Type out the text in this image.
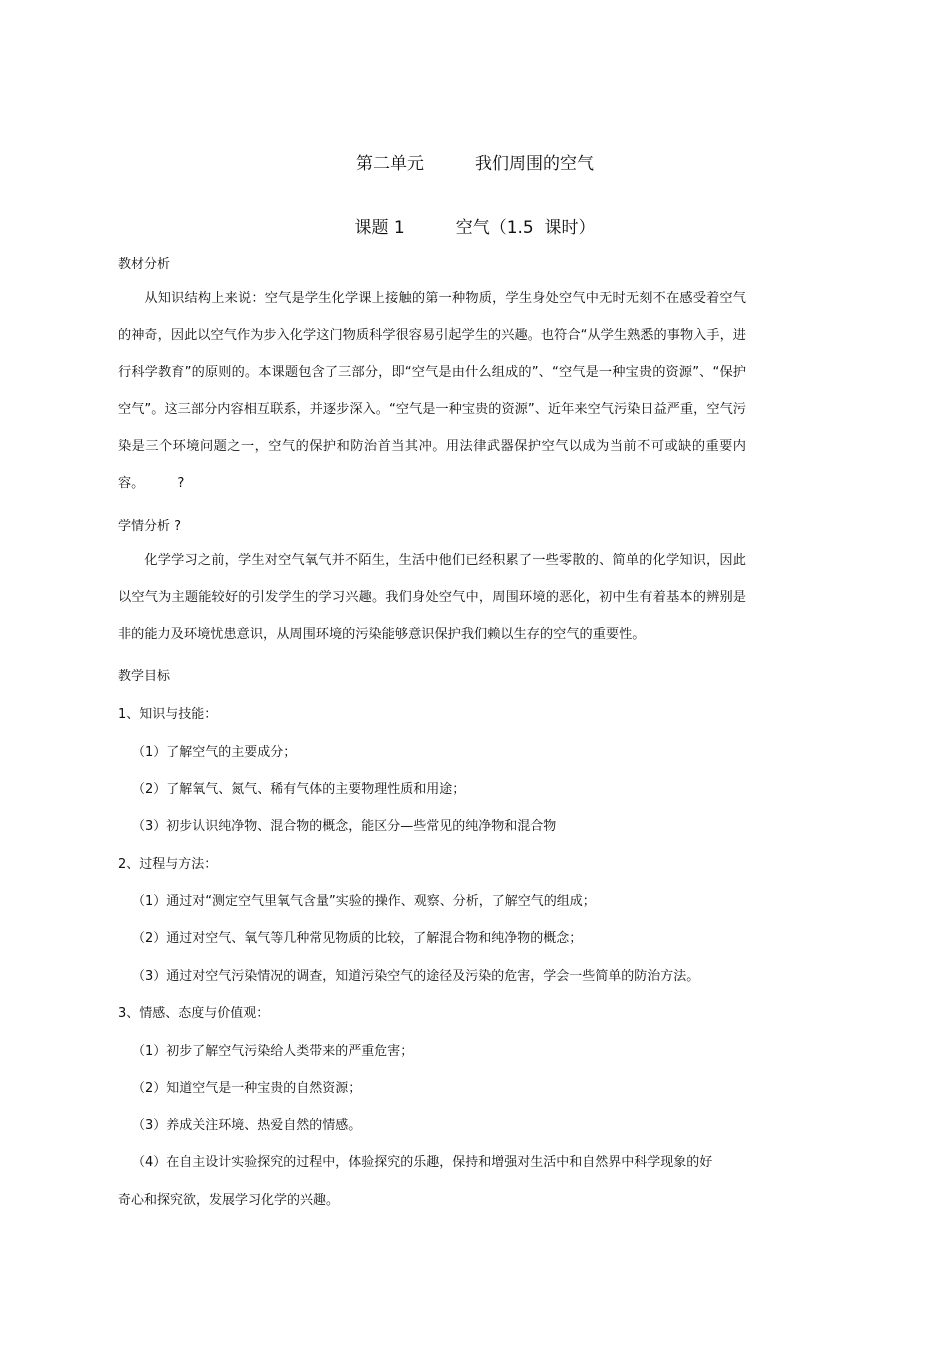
第二单元　　　我们周围的空气
课题 1　　　空气（1.5  课时）
教材分析

从知识结构上来说：空气是学生化学课上接触的第一种物质，学生身处空气中无时无刻不在感受着空气的神奇，因此以空气作为步入化学这门物质科学很容易引起学生的兴趣。也符合“从学生熟悉的事物入手，进行科学教育”的原则的。本课题包含了三部分，即“空气是由什么组成的”、“空气是一种宝贵的资源”、“保护空气”。这三部分内容相互联系，并逐步深入。“空气是一种宝贵的资源”、近年来空气污染日益严重，空气污染是三个环境问题之一，空气的保护和防治首当其冲。用法律武器保护空气以成为当前不可或缺的重要内容。　　　?

学情分析 ?

化学学习之前，学生对空气氧气并不陌生，生活中他们已经积累了一些零散的、简单的化学知识，因此以空气为主题能较好的引发学生的学习兴趣。我们身处空气中，周围环境的恶化，初中生有着基本的辨别是非的能力及环境忧患意识，从周围环境的污染能够意识保护我们赖以生存的空气的重要性。

教学目标
1、知识与技能：
（1）了解空气的主要成分；
（2）了解氧气、氮气、稀有气体的主要物理性质和用途；
（3）初步认识纯净物、混合物的概念，能区分—些常见的纯净物和混合物
2、过程与方法：
（1）通过对“测定空气里氧气含量”实验的操作、观察、分析，了解空气的组成；
（2）通过对空气、氧气等几种常见物质的比较，了解混合物和纯净物的概念；
（3）通过对空气污染情况的调查，知道污染空气的途径及污染的危害，学会一些简单的防治方法。
3、情感、态度与价值观：
（1）初步了解空气污染给人类带来的严重危害；
（2）知道空气是一种宝贵的自然资源；
（3）养成关注环境、热爱自然的情感。
（4）在自主设计实验探究的过程中，体验探究的乐趣，保持和增强对生活中和自然界中科学现象的好
奇心和探究欲，发展学习化学的兴趣。
